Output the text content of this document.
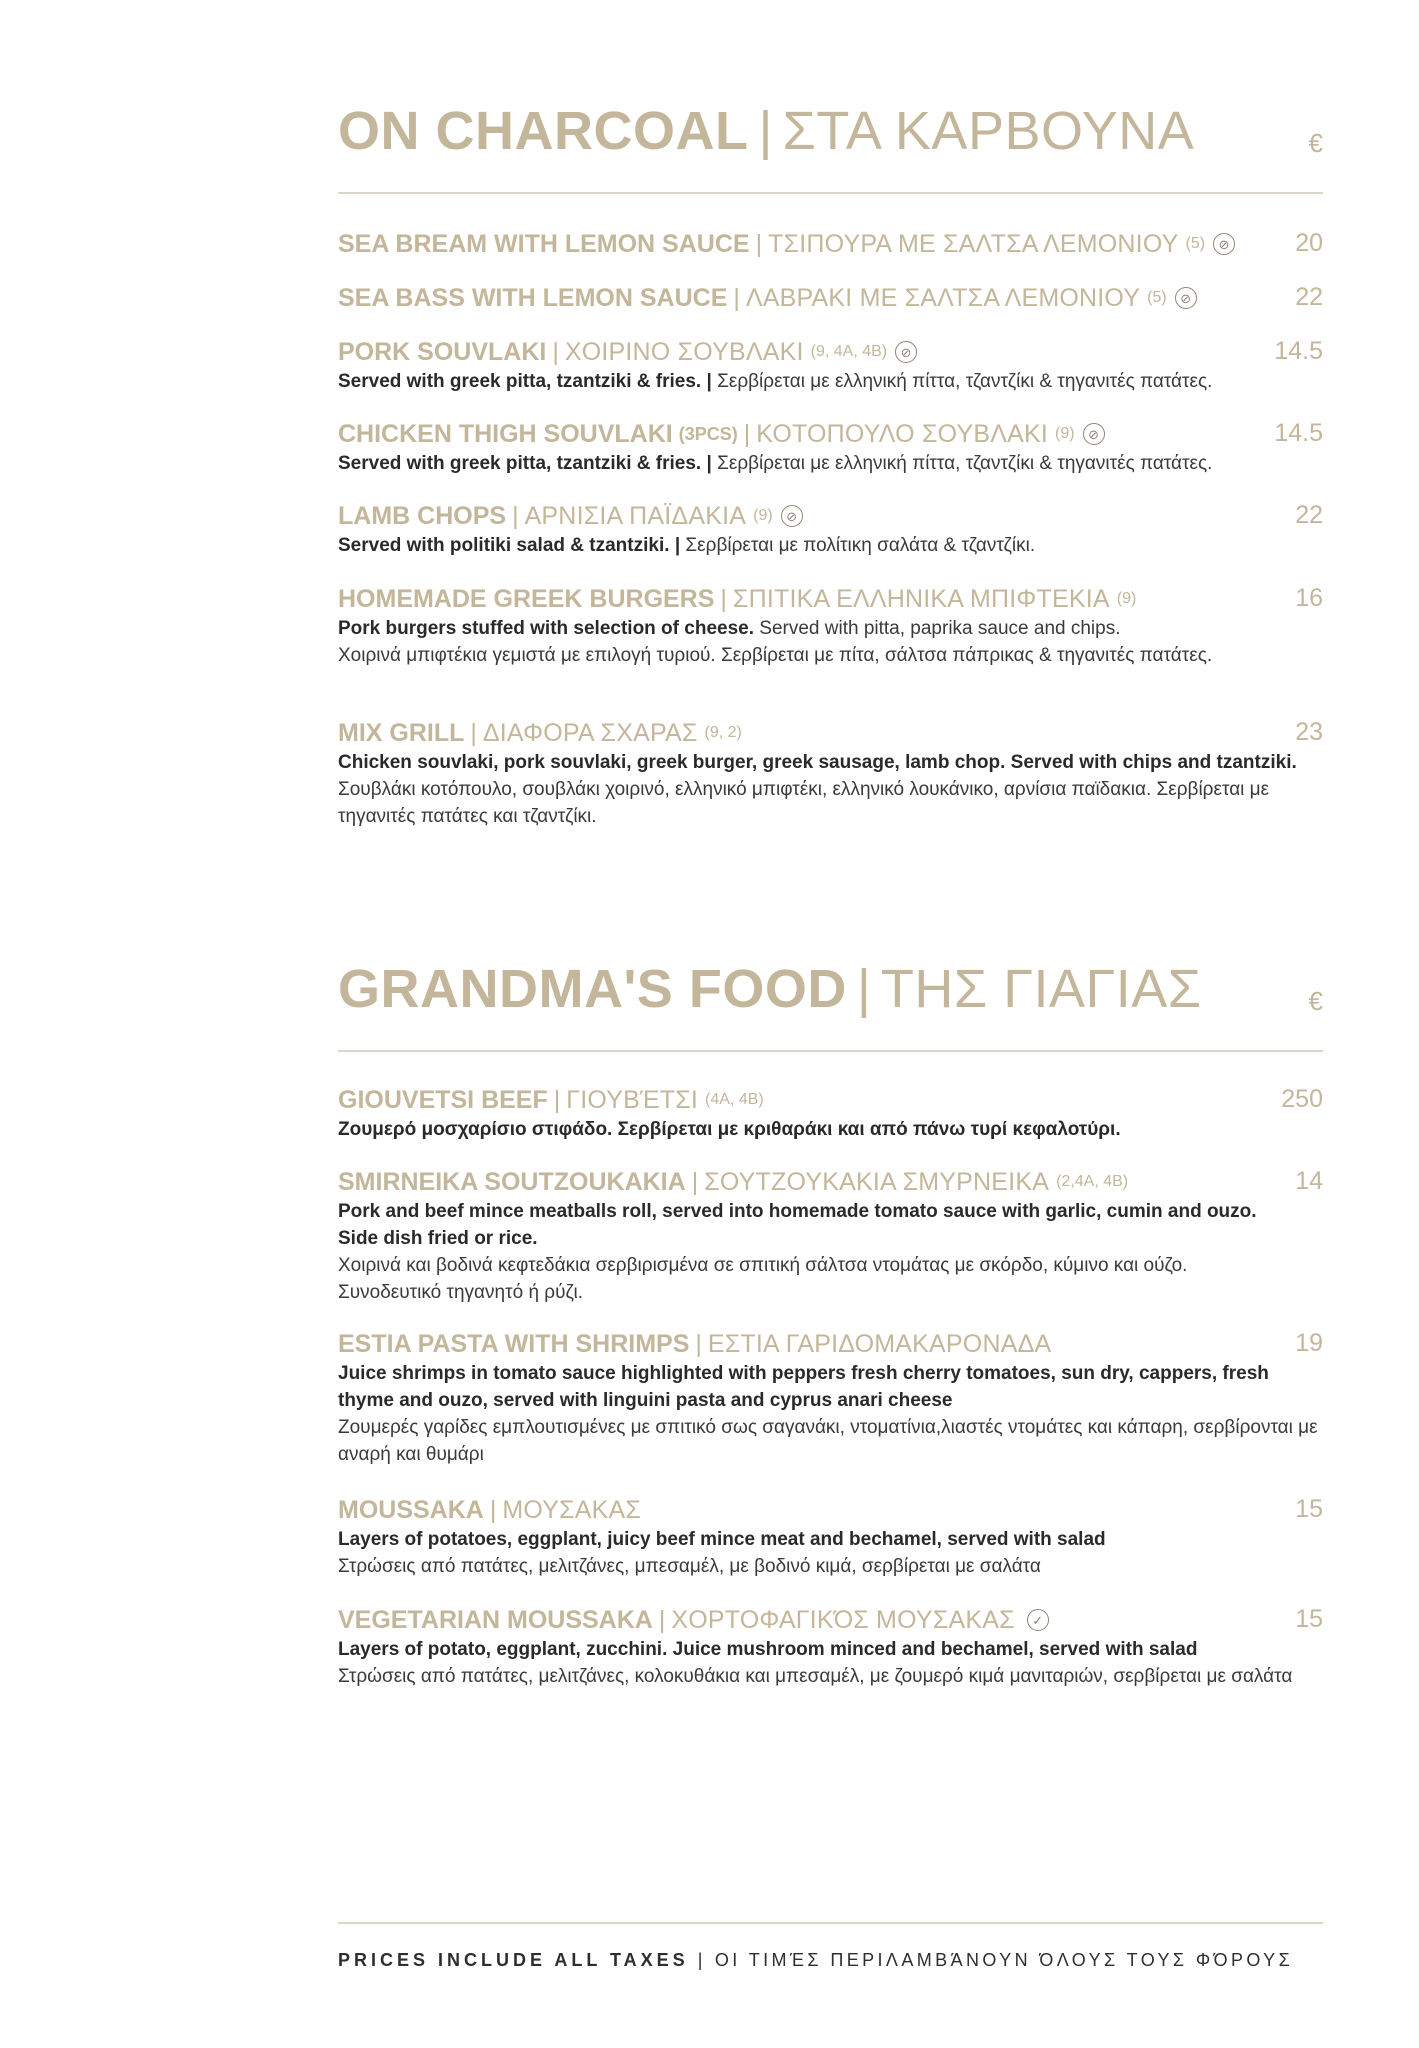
ON CHARCOAL | ΣΤΑ ΚΑΡΒΟΥΝΑ	€
SEA BREAM WITH LEMON SAUCE | ΤΣΙΠΟΥΡΑ ΜΕ ΣΑΛΤΣΑ ΛΕΜΟΝΙΟΥ (5)	⊘	20
SEA BASS WITH LEMON SAUCE | ΛΑΒΡΑΚΙ ΜΕ ΣΑΛΤΣΑ ΛΕΜΟΝΙΟΥ (5)	⊘	22
PORK SOUVLAKI | ΧΟΙΡΙΝΟ ΣΟΥΒΛΑΚΙ (9, 4A, 4B)	⊘	14.5
Served with greek pitta, tzantziki & fries. | Σερβίρεται με ελληνική πίττα, τζαντζίκι & τηγανιτές πατάτες.
CHICKEN THIGH SOUVLAKI (3PCS) | ΚΟΤΟΠΟΥΛΟ ΣΟΥΒΛΑΚΙ (9)	⊘	14.5
Served with greek pitta, tzantziki & fries. | Σερβίρεται με ελληνική πίττα, τζαντζίκι & τηγανιτές πατάτες.
LAMB CHOPS | ΑΡΝΙΣΙΑ ΠΑΪΔΑΚΙΑ (9)	⊘	22
Served with politiki salad & tzantziki. | Σερβίρεται με πολίτικη σαλάτα & τζαντζίκι.
HOMEMADE GREEK BURGERS | ΣΠΙΤΙΚΑ ΕΛΛΗΝΙΚΑ ΜΠΙΦΤΕΚΙΑ (9)	16
Pork burgers stuffed with selection of cheese. Served with pitta, paprika sauce and chips.
Χοιρινά μπιφτέκια γεμιστά με επιλογή τυριού. Σερβίρεται με πίτα, σάλτσα πάπρικας & τηγανιτές πατάτες.
MIX GRILL | ΔΙΑΦΟΡΑ ΣΧΑΡΑΣ (9, 2)	23
Chicken souvlaki, pork souvlaki, greek burger, greek sausage, lamb chop. Served with chips and tzantziki.
Σουβλάκι κοτόπουλο, σουβλάκι χοιρινό, ελληνικό μπιφτέκι, ελληνικό λουκάνικο, αρνίσια παϊδακια. Σερβίρεται με τηγανιτές πατάτες και τζαντζίκι.
GRANDMA'S FOOD | ΤΗΣ ΓΙΑΓΙΑΣ	€
GIOUVETSI BEEF | ΓΙΟΥΒΈΤΣΙ (4A, 4B)	250
Ζουμερό μοσχαρίσιο στιφάδο. Σερβίρεται με κριθαράκι και από πάνω τυρί κεφαλοτύρι.
SMIRNEIKA SOUTZOUKAKIA | ΣΟΥΤΖΟΥΚΑΚΙΑ ΣΜΥΡΝΕΙΚΑ (2,4A, 4B)	14
Pork and beef mince meatballs roll, served into homemade tomato sauce with garlic, cumin and ouzo. Side dish fried or rice.
Χοιρινά και βοδινά κεφτεδάκια σερβιρισμένα σε σπιτική σάλτσα ντομάτας με σκόρδο, κύμινο και ούζο. Συνοδευτικό τηγανητό ή ρύζι.
ESTIA PASTA WITH SHRIMPS | ΕΣΤΙΑ ΓΑΡΙΔΟΜΑΚΑΡΟΝΑΔΑ	19
Juice shrimps in tomato sauce highlighted with peppers fresh cherry tomatoes, sun dry, cappers, fresh thyme and ouzo, served with linguini pasta and cyprus anari cheese
Ζουμερές γαρίδες εμπλουτισμένες με σπιτικό σως σαγανάκι, ντοματίνια,λιαστές ντομάτες και κάπαρη, σερβίρονται με αναρή και θυμάρι
MOUSSAKA | ΜΟΥΣΑΚΑΣ	15
Layers of potatoes, eggplant, juicy beef mince meat and bechamel, served with salad
Στρώσεις από πατάτες, μελιτζάνες, μπεσαμέλ, με βοδινό κιμά, σερβίρεται με σαλάτα
VEGETARIAN MOUSSAKA | ΧΟΡΤΟΦΑΓΙΚΌΣ ΜΟΥΣΑΚΑΣ	✓	15
Layers of potato, eggplant, zucchini. Juice mushroom minced and bechamel, served with salad
Στρώσεις από πατάτες, μελιτζάνες, κολοκυθάκια και μπεσαμέλ, με ζουμερό κιμά μανιταριών, σερβίρεται με σαλάτα
PRICES INCLUDE ALL TAXES | ΟΙ ΤΙΜΈΣ ΠΕΡΙΛΑΜΒΆΝΟΥΝ ΌΛΟΥΣ ΤΟΥΣ ΦΌΡΟΥΣ
